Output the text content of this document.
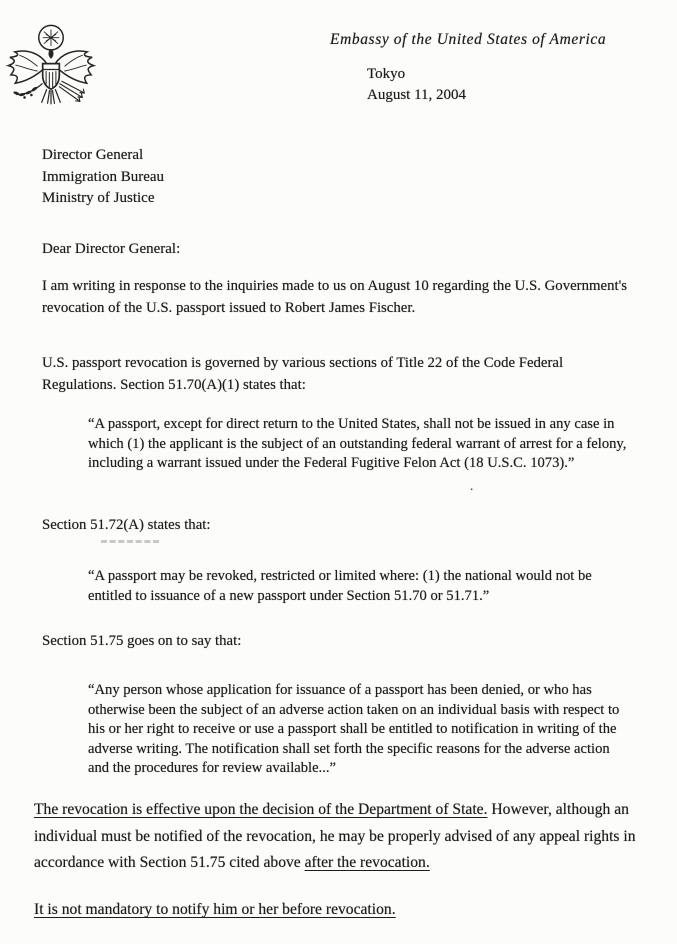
Embassy of the United States of America
Tokyo
August 11, 2004
Director General
Immigration Bureau
Ministry of Justice
Dear Director General:
I am writing in response to the inquiries made to us on August 10 regarding the U.S. Government's revocation of the U.S. passport issued to Robert James Fischer.
U.S. passport revocation is governed by various sections of Title 22 of the Code Federal Regulations. Section 51.70(A)(1) states that:
“A passport, except for direct return to the United States, shall not be issued in any case in which (1) the applicant is the subject of an outstanding federal warrant of arrest for a felony, including a warrant issued under the Federal Fugitive Felon Act (18 U.S.C. 1073).”
.
Section 51.72(A) states that:
“A passport may be revoked, restricted or limited where: (1) the national would not be entitled to issuance of a new passport under Section 51.70 or 51.71.”
Section 51.75 goes on to say that:
“Any person whose application for issuance of a passport has been denied, or who has otherwise been the subject of an adverse action taken on an individual basis with respect to his or her right to receive or use a passport shall be entitled to notification in writing of the adverse writing. The notification shall set forth the specific reasons for the adverse action and the procedures for review available...”
The revocation is effective upon the decision of the Department of State. However, although an individual must be notified of the revocation, he may be properly advised of any appeal rights in accordance with Section 51.75 cited above after the revocation.
It is not mandatory to notify him or her before revocation.
